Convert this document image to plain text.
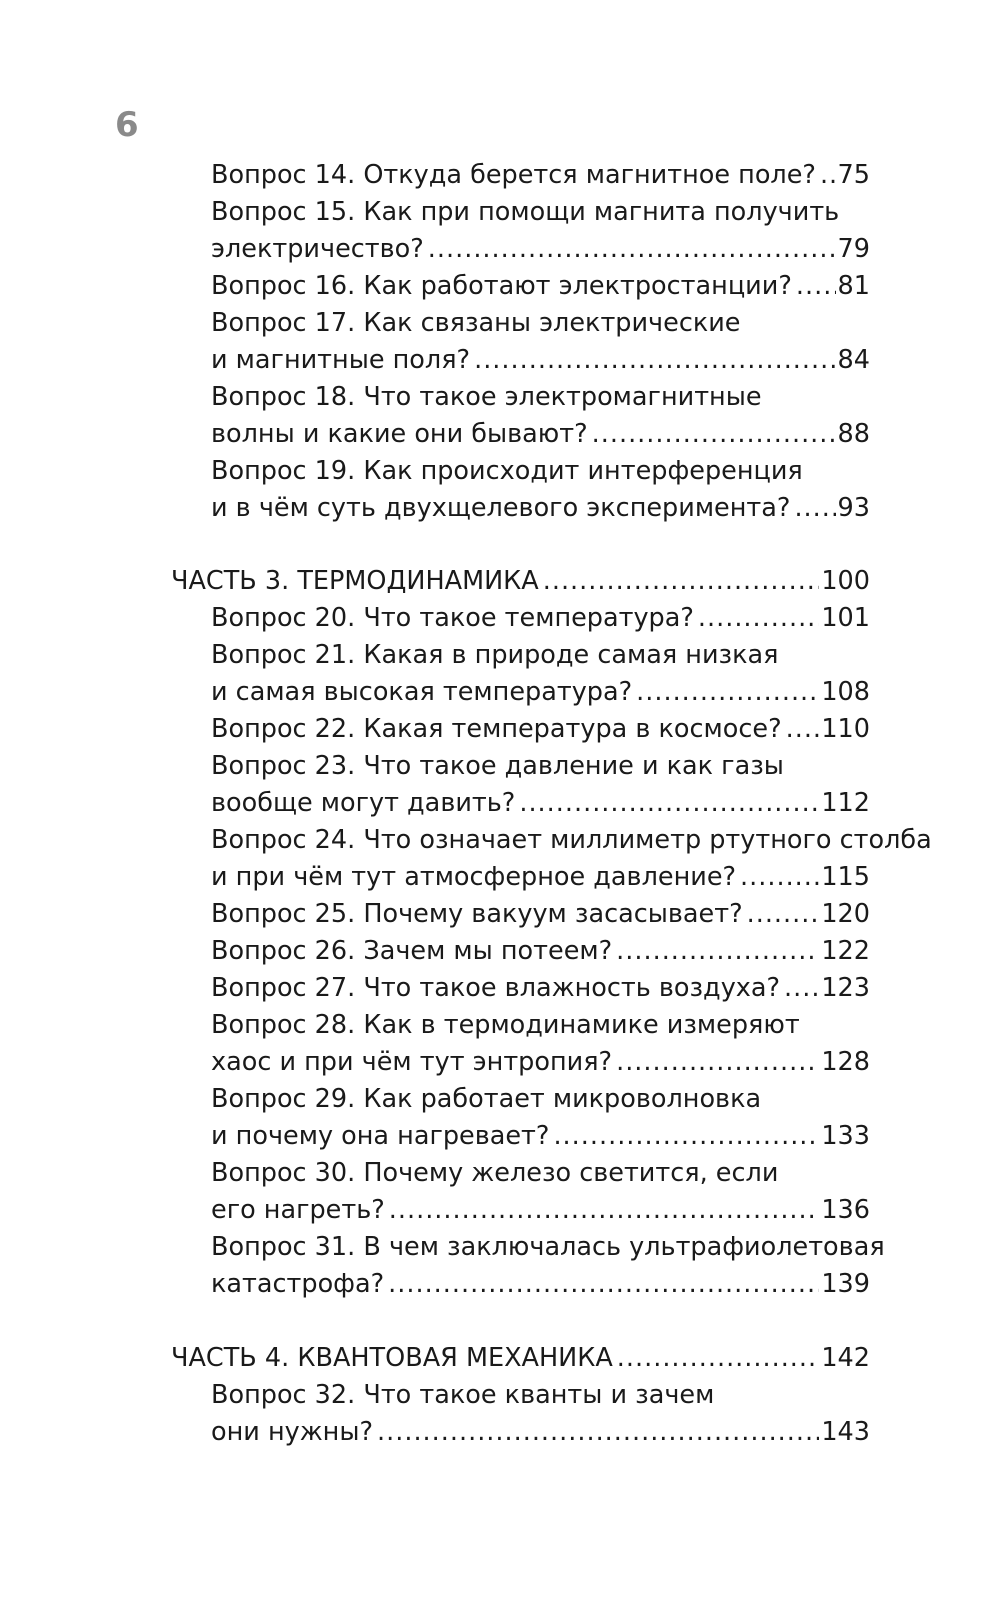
6
Вопрос 14. Откуда берется магнитное поле? ..... 75
Вопрос 15. Как при помощи магнита получить
электричество? .....	79
Вопрос 16. Как работают электростанции? ..... 81
Вопрос 17. Как связаны электрические
и магнитные поля? .....	84
Вопрос 18. Что такое электромагнитные
волны и какие они бывают? .....	88
Вопрос 19. Как происходит интерференция
и в чём суть двухщелевого эксперимента? ..... 93
ЧАСТЬ 3. ТЕРМОДИНАМИКА .....	100
Вопрос 20. Что такое температура? .....	101
Вопрос 21. Какая в природе самая низкая
и самая высокая температура? .....	108
Вопрос 22. Какая температура в космосе? ..... 110
Вопрос 23. Что такое давление и как газы
вообще могут давить? .....	112
Вопрос 24. Что означает миллиметр ртутного столба
и при чём тут атмосферное давление? .....	115
Вопрос 25. Почему вакуум засасывает? .....	120
Вопрос 26. Зачем мы потеем? .....	122
Вопрос 27. Что такое влажность воздуха? ..... 123
Вопрос 28. Как в термодинамике измеряют
хаос и при чём тут энтропия? .....	128
Вопрос 29. Как работает микроволновка
и почему она нагревает? .....	133
Вопрос 30. Почему железо светится, если
его нагреть? .....	136
Вопрос 31. В чем заключалась ультрафиолетовая
катастрофа? .....	139
ЧАСТЬ 4. КВАНТОВАЯ МЕХАНИКА .....	142
Вопрос 32. Что такое кванты и зачем
они нужны? .....	143
